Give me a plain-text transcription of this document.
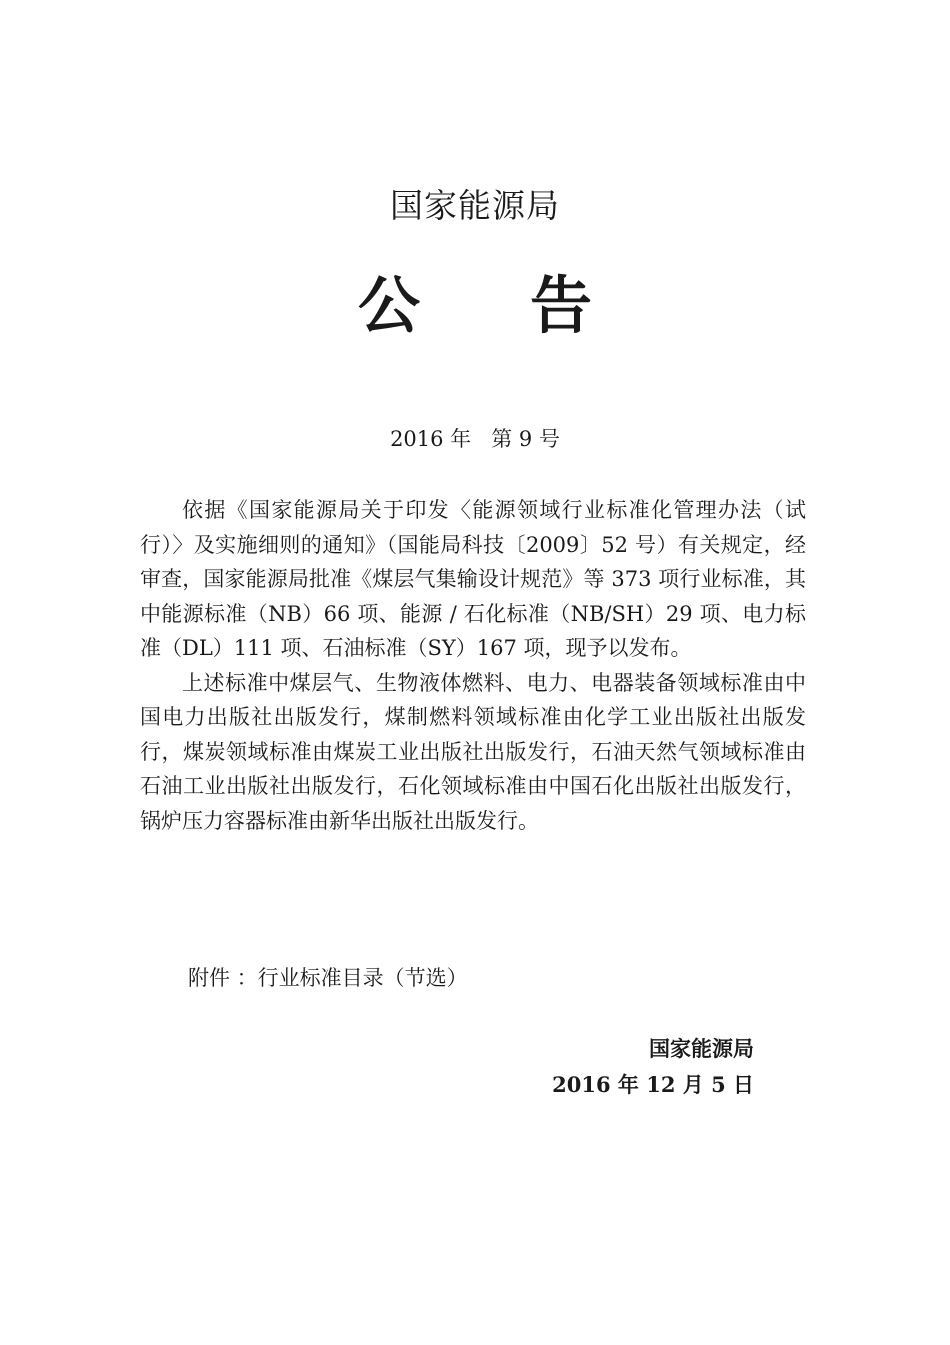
国家能源局
公 告
2016 年   第 9 号

依据《国家能源局关于印发〈能源领域行业标准化管理办法（试行）〉及实施细则的通知》（国能局科技〔2009〕52 号）有关规定，经审查，国家能源局批准《煤层气集输设计规范》等 373 项行业标准，其中能源标准（NB）66 项、能源 / 石化标准（NB/SH）29 项、电力标准（DL）111 项、石油标准（SY）167 项，现予以发布。

上述标准中煤层气、生物液体燃料、电力、电器装备领域标准由中国电力出版社出版发行，煤制燃料领域标准由化学工业出版社出版发行，煤炭领域标准由煤炭工业出版社出版发行，石油天然气领域标准由石油工业出版社出版发行，石化领域标准由中国石化出版社出版发行，锅炉压力容器标准由新华出版社出版发行。

附件 ：行业标准目录（节选）
国家能源局
2016 年 12 月 5 日
